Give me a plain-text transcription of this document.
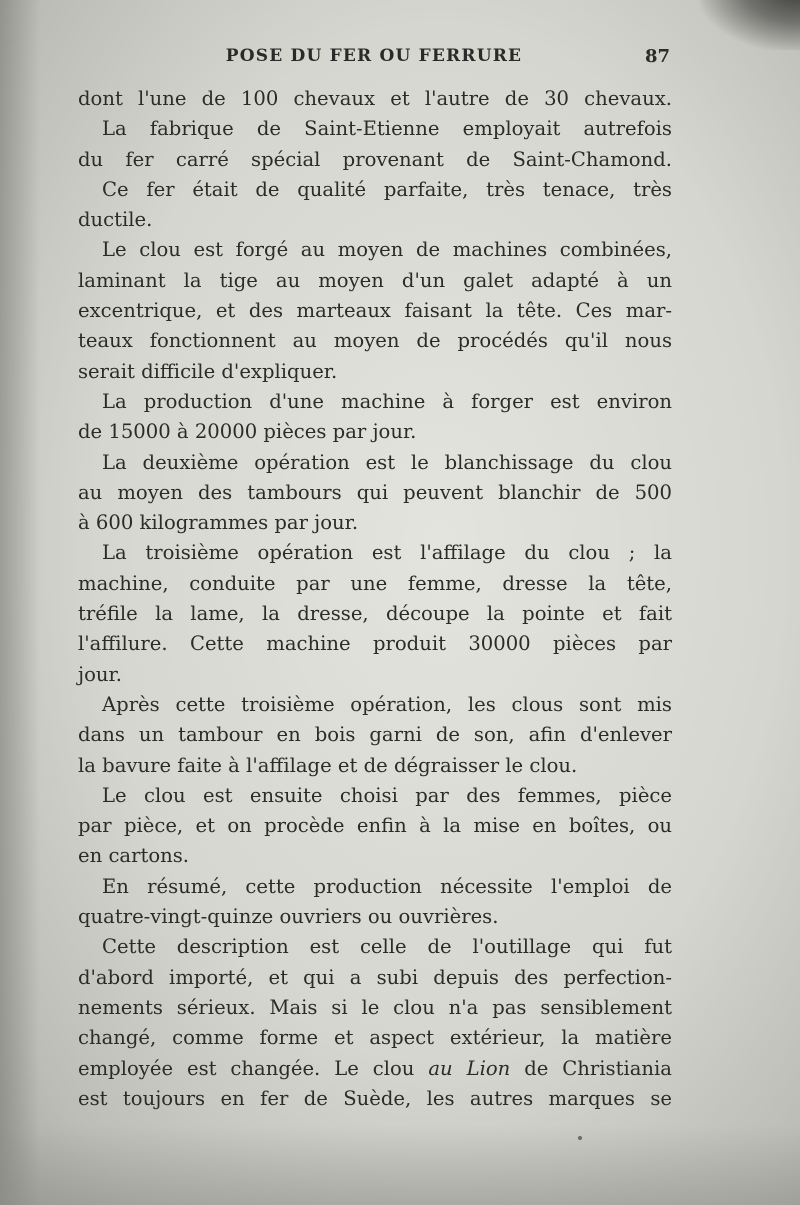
POSE DU FER OU FERRURE	87
dont l'une de 100 chevaux et l'autre de 30 chevaux.
La fabrique de Saint-Etienne employait autrefois
du fer carré spécial provenant de Saint-Chamond.
Ce fer était de qualité parfaite, très tenace, très
ductile.
Le clou est forgé au moyen de machines combinées,
laminant la tige au moyen d'un galet adapté à un
excentrique, et des marteaux faisant la tête. Ces mar-
teaux fonctionnent au moyen de procédés qu'il nous
serait difficile d'expliquer.
La production d'une machine à forger est environ
de 15000 à 20000 pièces par jour.
La deuxième opération est le blanchissage du clou
au moyen des tambours qui peuvent blanchir de 500
à 600 kilogrammes par jour.
La troisième opération est l'affilage du clou ; la
machine, conduite par une femme, dresse la tête,
tréfile la lame, la dresse, découpe la pointe et fait
l'affilure. Cette machine produit 30000 pièces par
jour.
Après cette troisième opération, les clous sont mis
dans un tambour en bois garni de son, afin d'enlever
la bavure faite à l'affilage et de dégraisser le clou.
Le clou est ensuite choisi par des femmes, pièce
par pièce, et on procède enfin à la mise en boîtes, ou
en cartons.
En résumé, cette production nécessite l'emploi de
quatre-vingt-quinze ouvriers ou ouvrières.
Cette description est celle de l'outillage qui fut
d'abord importé, et qui a subi depuis des perfection-
nements sérieux. Mais si le clou n'a pas sensiblement
changé, comme forme et aspect extérieur, la matière
employée est changée. Le clou au Lion de Christiania
est toujours en fer de Suède, les autres marques se
